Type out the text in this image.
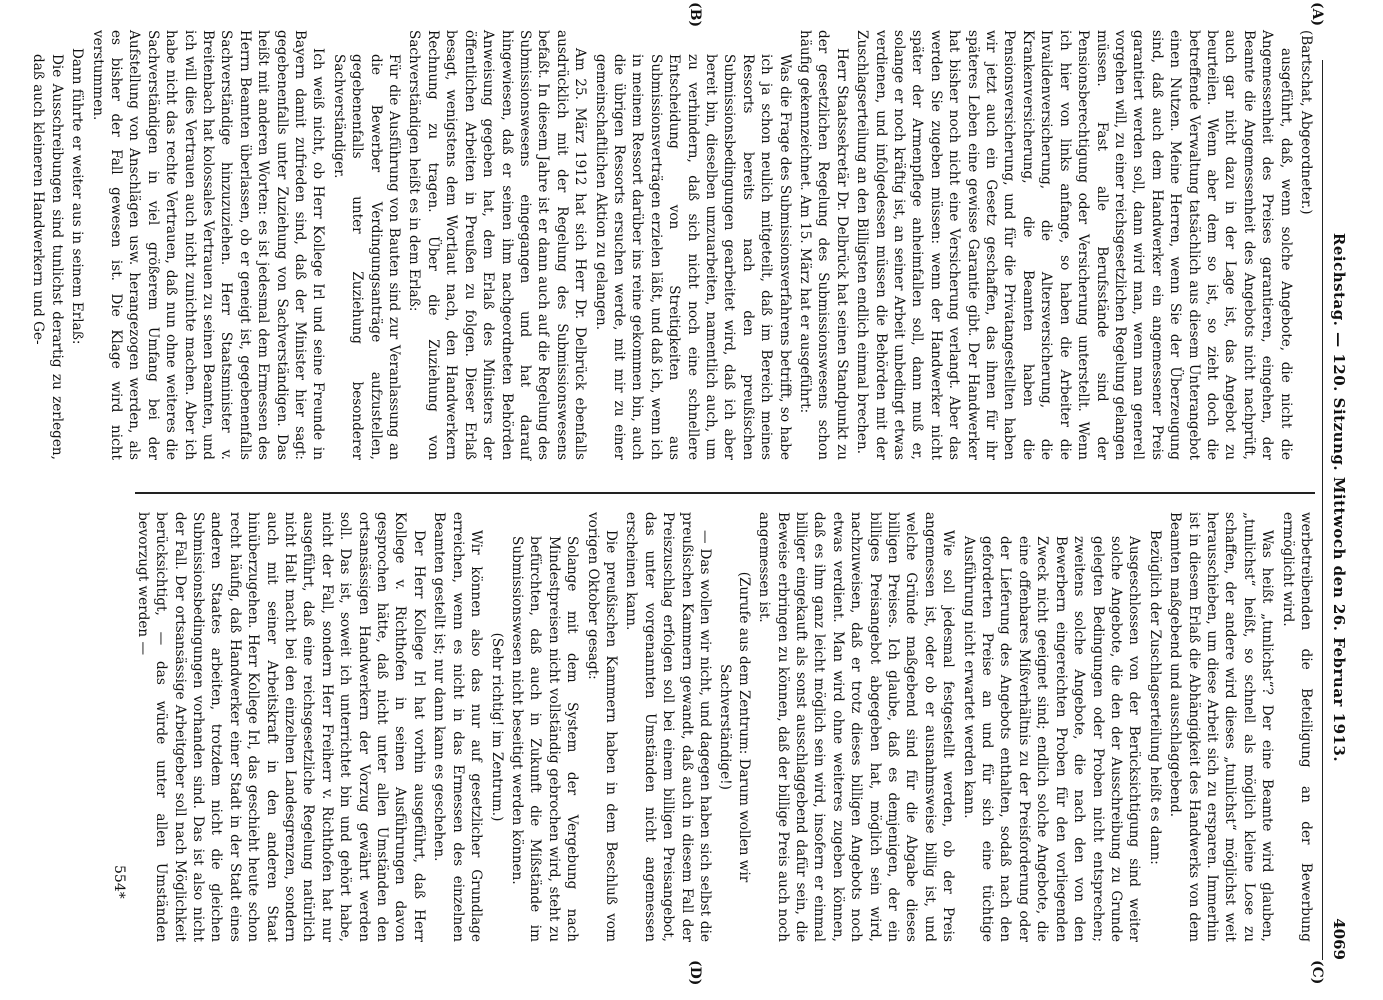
Reichstag. — 120. Sitzung. Mittwoch den 26. Februar 1913.
4069
(A)
(B)
(C)
(D)

(Bartschat, Abgeordneter.)

ausgeführt, daß, wenn solche Angebote, die nicht die Angemessenheit des Preises garantieren, eingehen, der Beamte die Angemessenheit des Angebots nicht nachprüft, auch gar nicht dazu in der Lage ist, das Angebot zu beurteilen. Wenn aber dem so ist, so zieht doch die betreffende Verwaltung tatsächlich aus diesem Unterangebot einen Nutzen. Meine Herren, wenn Sie der Überzeugung sind, daß auch dem Handwerker ein angemessener Preis garantiert werden soll, dann wird man, wenn man generell vorgehen will, zu einer reichsgesetzlichen Regelung gelangen müssen. Fast alle Berufsstände sind der Pensionsberechtigung oder Versicherung unterstellt. Wenn ich hier von links anfange, so haben die Arbeiter die Invalidenversicherung, die Altersversicherung, die Krankenversicherung, die Beamten haben die Pensionsversicherung, und für die Privatangestellten haben wir jetzt auch ein Gesetz geschaffen, das ihnen für ihr späteres Leben eine gewisse Garantie gibt. Der Handwerker hat bisher noch nicht eine Versicherung verlangt. Aber das werden Sie zugeben müssen: wenn der Handwerker nicht später der Armenpflege anheimfallen soll, dann muß er, solange er noch kräftig ist, an seiner Arbeit unbedingt etwas verdienen, und infolgedessen müssen die Behörden mit der Zuschlagserteilung an den Billigsten endlich einmal brechen.

Herr Staatssekretär Dr. Delbrück hat seinen Standpunkt zu der gesetzlichen Regelung des Submissionswesens schon häufig gekennzeichnet. Am 15. März hat er ausgeführt:

Was die Frage des Submissionsverfahrens betrifft, so habe ich ja schon neulich mitgeteilt, daß im Bereich meines Ressorts bereits nach den preußischen Submissionsbedingungen gearbeitet wird, daß ich aber bereit bin, dieselben umzuarbeiten, namentlich auch, um zu verhindern, daß sich nicht noch eine schnellere Entscheidung von Streitigkeiten aus Submissionsverträgen erzielen läßt, und daß ich, wenn ich in meinem Ressort darüber ins reine gekommen bin, auch die übrigen Ressorts ersuchen werde, mit mir zu einer gemeinschaftlichen Aktion zu gelangen.

Am 25. März 1912 hat sich Herr Dr. Delbrück ebenfalls ausdrücklich mit der Regelung des Submissionswesens befaßt. In diesem Jahre ist er dann auch auf die Regelung des Submissionswesens eingegangen und hat darauf hingewiesen, daß er seinen ihm nachgeordneten Behörden Anweisung gegeben hat, dem Erlaß des Ministers der öffentlichen Arbeiten in Preußen zu folgen. Dieser Erlaß besagt, wenigstens dem Wortlaut nach, den Handwerkern Rechnung zu tragen. Über die Zuziehung von Sachverständigen heißt es in dem Erlaß:

Für die Ausführung von Bauten sind zur Veranlassung an die Bewerber Verdingungsanträge aufzustellen, gegebenenfalls unter Zuziehung besonderer Sachverständiger.

Ich weiß nicht, ob Herr Kollege Irl und seine Freunde in Bayern damit zufrieden sind, daß der Minister hier sagt: gegebenenfalls unter Zuziehung von Sachverständigen. Das heißt mit anderen Worten: es ist jedesmal dem Ermessen des Herrn Beamten überlassen, ob er geneigt ist, gegebenenfalls Sachverständige hinzuzuziehen. Herr Staatsminister v. Breitenbach hat kolossales Vertrauen zu seinen Beamten, und ich will dies Vertrauen auch nicht zunichte machen. Aber ich habe nicht das rechte Vertrauen, daß nun ohne weiteres die Sachverständigen in viel größerem Umfang bei der Aufstellung von Anschlägen usw. herangezogen werden, als es bisher der Fall gewesen ist. Die Klage wird nicht verstummen.

Dann führte er weiter aus in seinem Erlaß:

Die Ausschreibungen sind tunlichst derartig zu zerlegen, daß auch kleineren Handwerkern und Ge-

werbetreibenden die Beteiligung an der Bewerbung ermöglicht wird.

Was heißt „tunlichst“? Der eine Beamte wird glauben, „tunlichst“ heißt, so schnell als möglich kleine Lose zu schaffen, der andere wird dieses „tunlichst“ möglichst weit herausschieben, um diese Arbeit sich zu ersparen. Immerhin ist in diesem Erlaß die Abhängigkeit des Handwerks von dem Beamten maßgebend und ausschlaggebend.

Bezüglich der Zuschlagserteilung heißt es dann:

Ausgeschlossen von der Berücksichtigung sind weiter solche Angebote, die den der Ausschreibung zu Grunde gelegten Bedingungen oder Proben nicht entsprechen; zweitens solche Angebote, die nach den von den Bewerbern eingereichten Proben für den vorliegenden Zweck nicht geeignet sind; endlich solche Angebote, die eine offenbares Mißverhältnis zu der Preisforderung oder der Lieferung des Angebots enthalten, sodaß nach den geforderten Preise an und für sich eine tüchtige Ausführung nicht erwartet werden kann.

Wie soll jedesmal festgestellt werden, ob der Preis angemessen ist, oder ob er ausnahmsweise billig ist, und welche Gründe maßgebend sind für die Abgabe dieses billigen Preises. Ich glaube, daß es demjenigen, der ein billiges Preisangebot abgegeben hat, möglich sein wird, nachzuweisen, daß er trotz dieses billigen Angebots noch etwas verdient. Man wird ohne weiteres zugeben können, daß es ihm ganz leicht möglich sein wird, insofern er einmal billiger eingekauft als sonst ausschlaggebend dafür sein, die Beweise erbringen zu können, daß der billige Preis auch noch angemessen ist.

(Zurufe aus dem Zentrum: Darum wollen wir Sachverständige!)

— Das wollen wir nicht, und dagegen haben sich selbst die preußischen Kammern gewandt, daß auch in diesem Fall der Preiszuschlag erfolgen soll bei einem billigen Preisangebot, das unter vorgenannten Umständen nicht angemessen erscheinen kann.

Die preußischen Kammern haben in dem Beschluß vom vorigen Oktober gesagt:

Solange mit dem System der Vergebung nach Mindestpreisen nicht vollständig gebrochen wird, steht zu befürchten, daß auch in Zukunft die Mißstände im Submissionswesen nicht beseitigt werden können.

(Sehr richtig! im Zentrum.)

Wir können also das nur auf gesetzlicher Grundlage erreichen, wenn es nicht in das Ermessen des einzelnen Beamten gestellt ist; nur dann kann es geschehen.

Der Herr Kollege Irl hat vorhin ausgeführt, daß Herr Kollege v. Richthofen in seinen Ausführungen davon gesprochen hätte, daß nicht unter allen Umständen den ortsansässigen Handwerkern der Vorzug gewährt werden soll. Das ist, soweit ich unterrichtet bin und gehört habe, nicht der Fall, sondern Herr Freiherr v. Richthofen hat nur ausgeführt, daß eine reichsgesetzliche Regelung natürlich nicht Halt macht bei den einzelnen Landesgrenzen, sondern auch mit seiner Arbeitskraft in den anderen Staat hinüberzugehen. Herr Kollege Irl, das geschieht heute schon recht häufig, daß Handwerker einer Stadt in der Stadt eines anderen Staates arbeiten, trotzdem nicht die gleichen Submissionsbedingungen vorhanden sind. Das ist also nicht der Fall. Der ortsansässige Arbeitgeber soll nach Möglichkeit berücksichtigt, — das würde unter allen Umständen bevorzugt werden —

554*
